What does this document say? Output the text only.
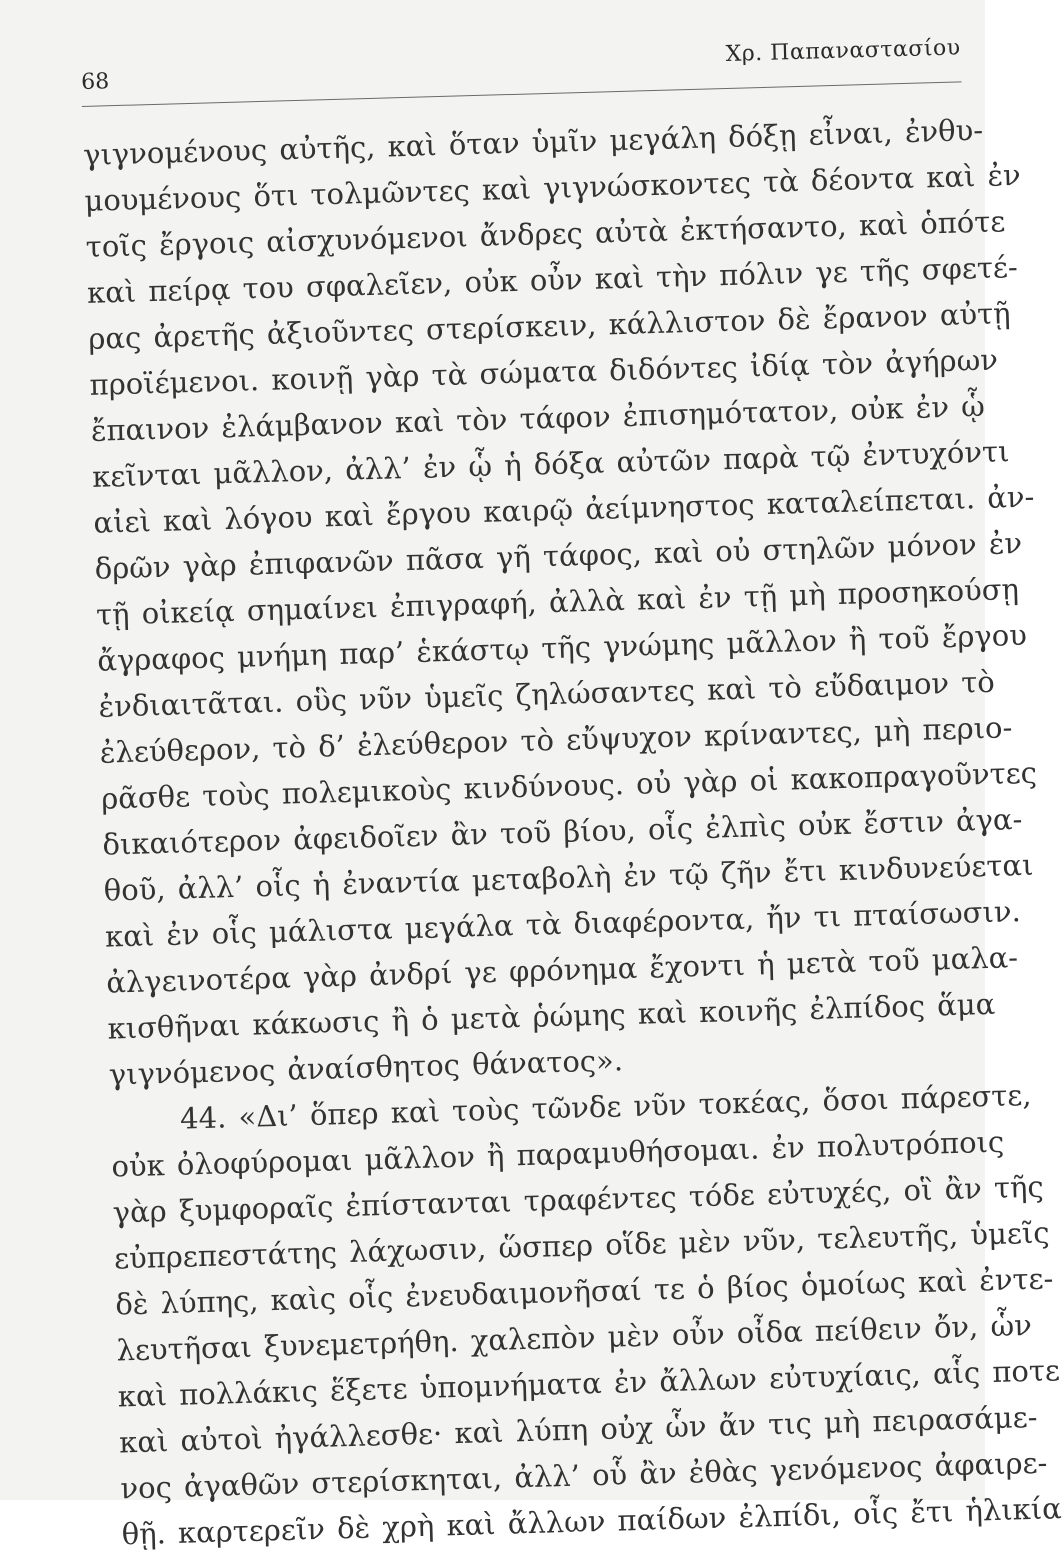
68
Χρ. Παπαναστασίου
γιγνομένους αὐτῆς, καὶ ὅταν ὑμῖν μεγάλη δόξῃ εἶναι, ἐνθυ-
μουμένους ὅτι τολμῶντες καὶ γιγνώσκοντες τὰ δέοντα καὶ ἐν
τοῖς ἔργοις αἰσχυνόμενοι ἄνδρες αὐτὰ ἐκτήσαντο, καὶ ὁπότε
καὶ πείρᾳ του σφαλεῖεν, οὐκ οὖν καὶ τὴν πόλιν γε τῆς σφετέ-
ρας ἀρετῆς ἀξιοῦντες στερίσκειν, κάλλιστον δὲ ἔρανον αὐτῇ
προϊέμενοι. κοινῇ γὰρ τὰ σώματα διδόντες ἰδίᾳ τὸν ἀγήρων
ἔπαινον ἐλάμβανον καὶ τὸν τάφον ἐπισημότατον, οὐκ ἐν ᾧ
κεῖνται μᾶλλον, ἀλλ’ ἐν ᾧ ἡ δόξα αὐτῶν παρὰ τῷ ἐντυχόντι
αἰεὶ καὶ λόγου καὶ ἔργου καιρῷ ἀείμνηστος καταλείπεται. ἀν-
δρῶν γὰρ ἐπιφανῶν πᾶσα γῆ τάφος, καὶ οὐ στηλῶν μόνον ἐν
τῇ οἰκείᾳ σημαίνει ἐπιγραφή, ἀλλὰ καὶ ἐν τῇ μὴ προσηκούσῃ
ἄγραφος μνήμη παρ’ ἑκάστῳ τῆς γνώμης μᾶλλον ἢ τοῦ ἔργου
ἐνδιαιτᾶται. οὓς νῦν ὑμεῖς ζηλώσαντες καὶ τὸ εὔδαιμον τὸ
ἐλεύθερον, τὸ δ’ ἐλεύθερον τὸ εὔψυχον κρίναντες, μὴ περιο-
ρᾶσθε τοὺς πολεμικοὺς κινδύνους. οὐ γὰρ οἱ κακοπραγοῦντες
δικαιότερον ἀφειδοῖεν ἂν τοῦ βίου, οἷς ἐλπὶς οὐκ ἔστιν ἀγα-
θοῦ, ἀλλ’ οἷς ἡ ἐναντία μεταβολὴ ἐν τῷ ζῆν ἔτι κινδυνεύεται
καὶ ἐν οἷς μάλιστα μεγάλα τὰ διαφέροντα, ἤν τι πταίσωσιν.
ἀλγεινοτέρα γὰρ ἀνδρί γε φρόνημα ἔχοντι ἡ μετὰ τοῦ μαλα-
κισθῆναι κάκωσις ἢ ὁ μετὰ ῥώμης καὶ κοινῆς ἐλπίδος ἅμα
γιγνόμενος ἀναίσθητος θάνατος».
44. «Δι’ ὅπερ καὶ τοὺς τῶνδε νῦν τοκέας, ὅσοι πάρεστε,
οὐκ ὀλοφύρομαι μᾶλλον ἢ παραμυθήσομαι. ἐν πολυτρόποις
γὰρ ξυμφοραῖς ἐπίστανται τραφέντες τόδε εὐτυχές, οἳ ἂν τῆς
εὐπρεπεστάτης λάχωσιν, ὥσπερ οἵδε μὲν νῦν, τελευτῆς, ὑμεῖς
δὲ λύπης, καὶς οἷς ἐνευδαιμονῆσαί τε ὁ βίος ὁμοίως καὶ ἐντε-
λευτῆσαι ξυνεμετρήθη. χαλεπὸν μὲν οὖν οἶδα πείθειν ὄν, ὧν
καὶ πολλάκις ἕξετε ὑπομνήματα ἐν ἄλλων εὐτυχίαις, αἷς ποτε
καὶ αὐτοὶ ἠγάλλεσθε· καὶ λύπη οὐχ ὧν ἄν τις μὴ πειρασάμε-
νος ἀγαθῶν στερίσκηται, ἀλλ’ οὗ ἂν ἐθὰς γενόμενος ἀφαιρε-
θῇ. καρτερεῖν δὲ χρὴ καὶ ἄλλων παίδων ἐλπίδι, οἷς ἔτι ἡλικία
